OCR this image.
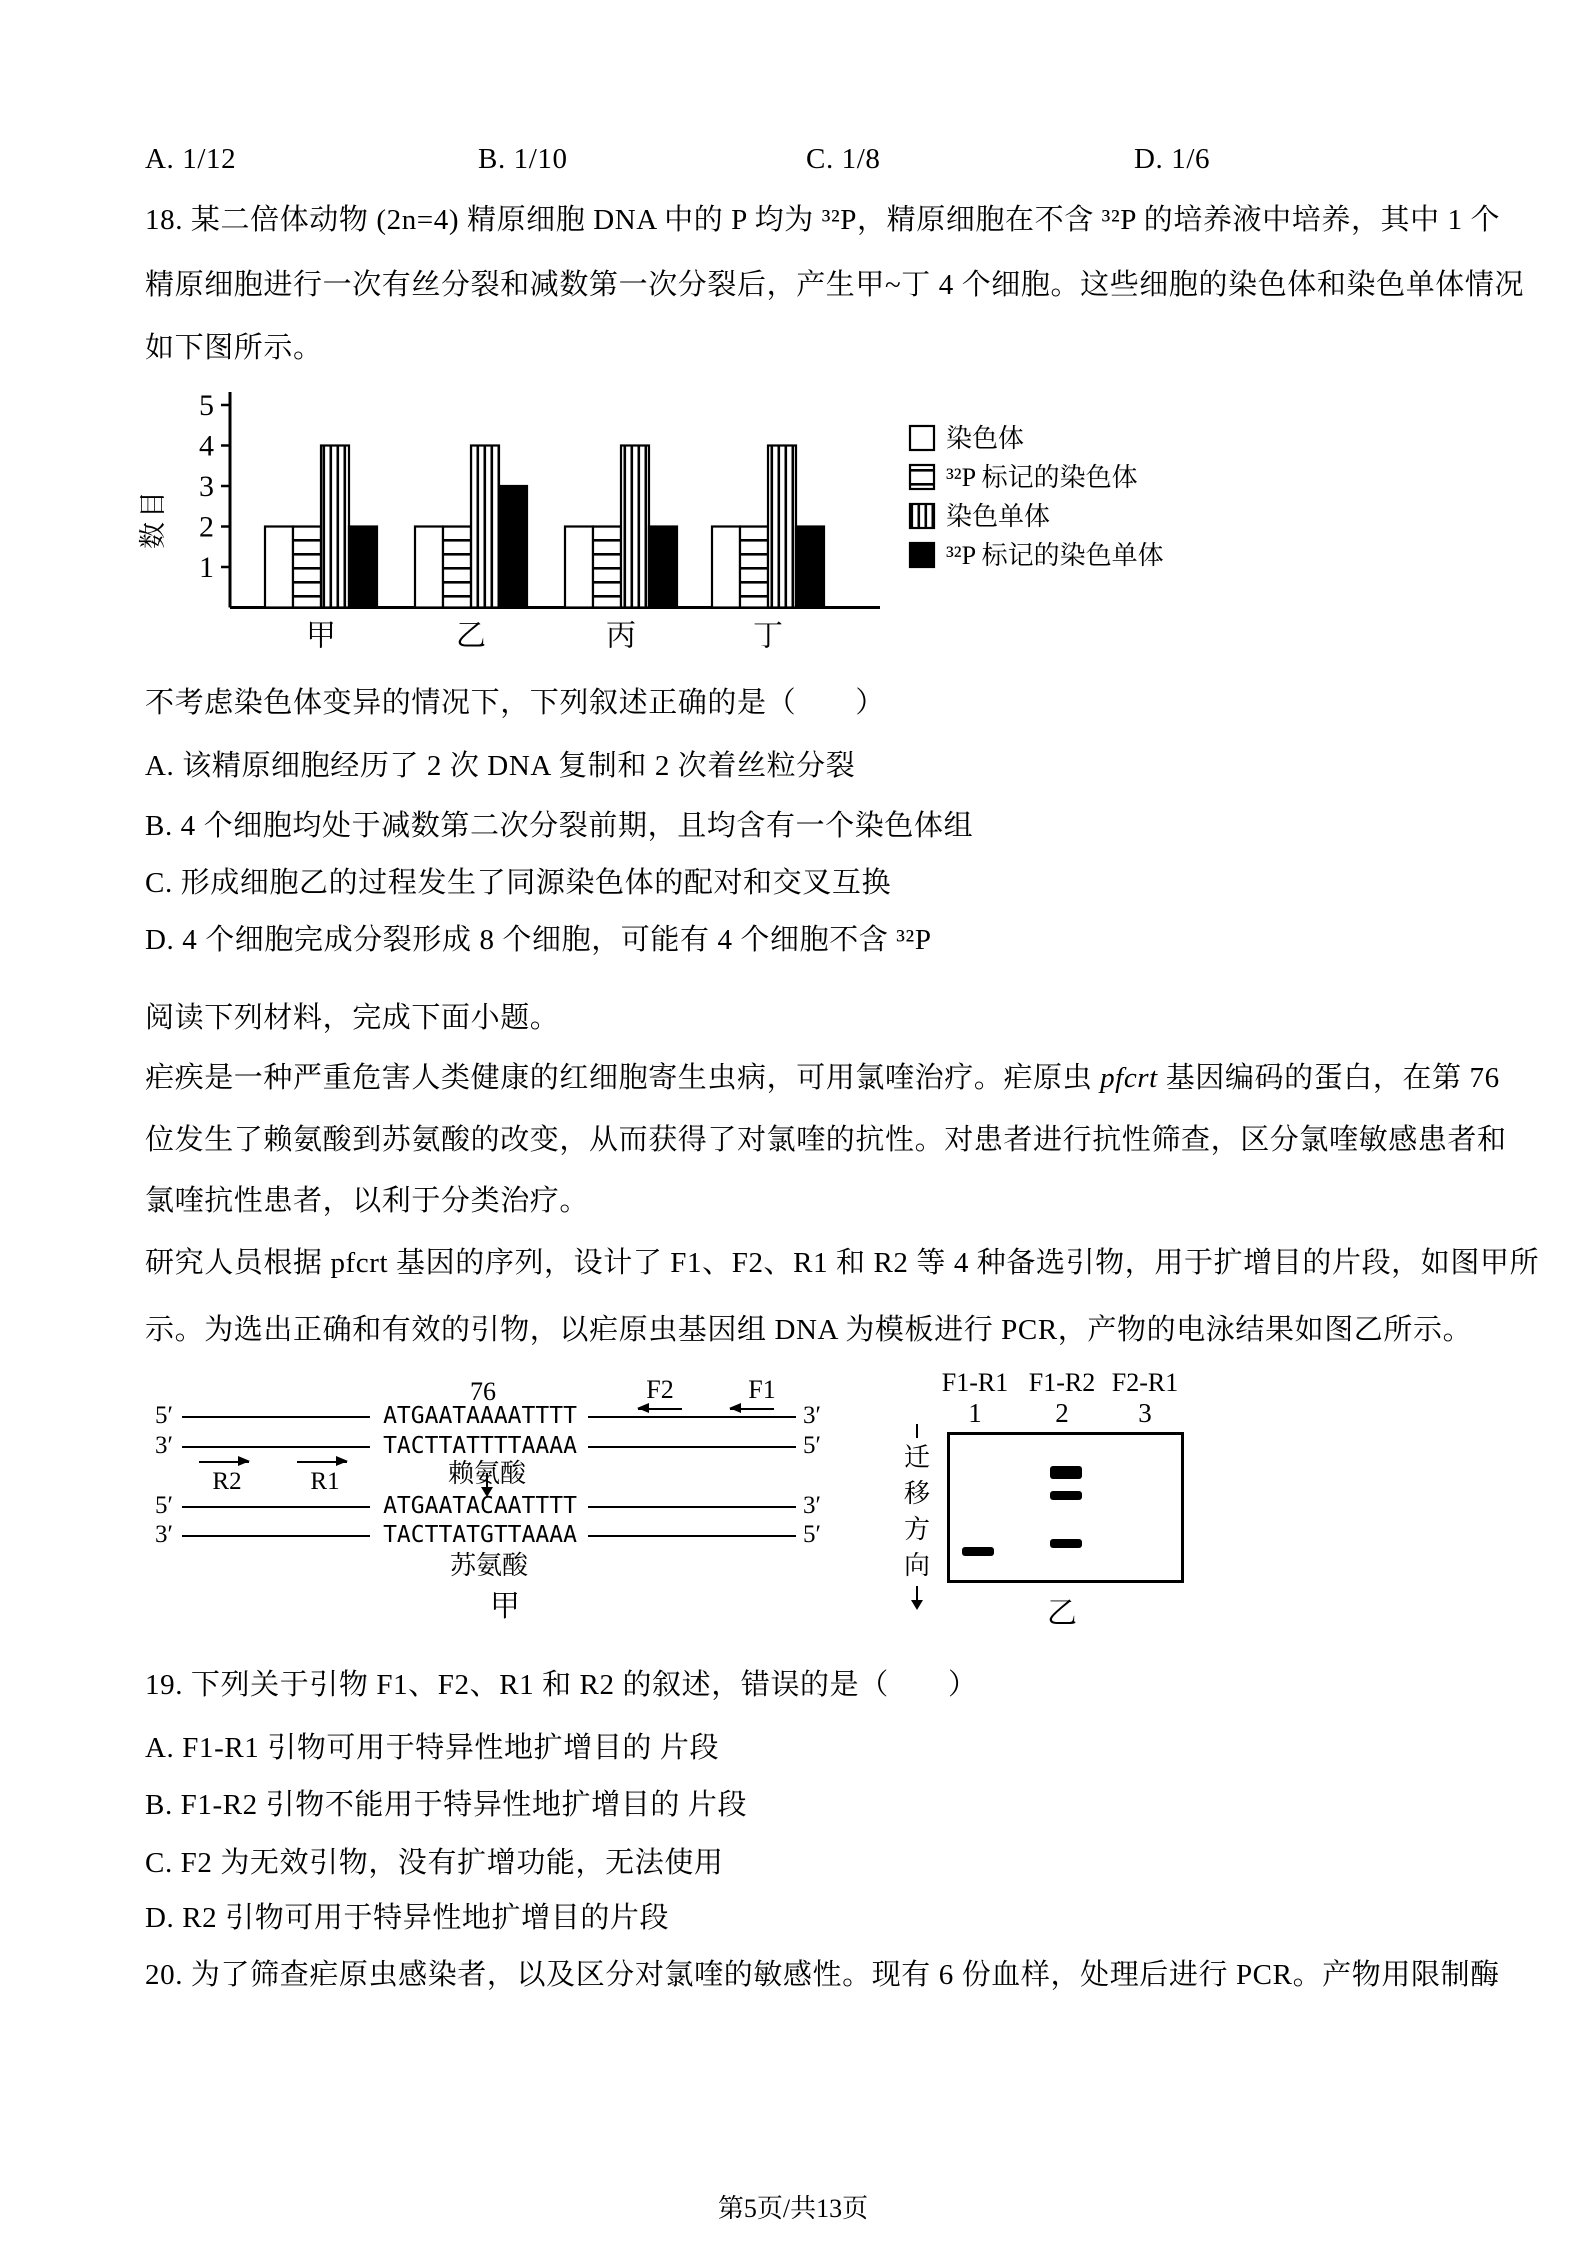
A. 1/12	B. 1/10	C. 1/8	D. 1/6
18. 某二倍体动物 (2n=4) 精原细胞 DNA 中的 P 均为 ³²P，精原细胞在不含 ³²P 的培养液中培养，其中 1 个
精原细胞进行一次有丝分裂和减数第一次分裂后，产生甲~丁 4 个细胞。这些细胞的染色体和染色单体情况
如下图所示。
1
2
3
4
5
数目
甲	乙	丙	丁
染色体
³²P 标记的染色体
染色单体
³²P 标记的染色单体
不考虑染色体变异的情况下，下列叙述正确的是（　　）
A. 该精原细胞经历了 2 次 DNA 复制和 2 次着丝粒分裂
B. 4 个细胞均处于减数第二次分裂前期，且均含有一个染色体组
C. 形成细胞乙的过程发生了同源染色体的配对和交叉互换
D. 4 个细胞完成分裂形成 8 个细胞，可能有 4 个细胞不含 ³²P
阅读下列材料，完成下面小题。
疟疾是一种严重危害人类健康的红细胞寄生虫病，可用氯喹治疗。疟原虫 pfcrt 基因编码的蛋白，在第 76
位发生了赖氨酸到苏氨酸的改变，从而获得了对氯喹的抗性。对患者进行抗性筛查，区分氯喹敏感患者和
氯喹抗性患者，以利于分类治疗。
研究人员根据 pfcrt 基因的序列，设计了 F1、F2、R1 和 R2 等 4 种备选引物，用于扩增目的片段，如图甲所
示。为选出正确和有效的引物，以疟原虫基因组 DNA 为模板进行 PCR，产物的电泳结果如图乙所示。
76	F2	F1
5′	ATGAATAAAATTTT	3′
3′	TACTTATTTTAAAA	5′
R2	R1	赖氨酸
5′	ATGAATACAATTTT	3′
3′	TACTTATGTTAAAA	5′
苏氨酸
甲
F1-R1 F1-R2 F2-R1
1	2	3
迁移方向
乙
19. 下列关于引物 F1、F2、R1 和 R2 的叙述，错误的是（　　）
A. F1-R1 引物可用于特异性地扩增目的 片段
B. F1-R2 引物不能用于特异性地扩增目的 片段
C. F2 为无效引物，没有扩增功能，无法使用
D. R2 引物可用于特异性地扩增目的片段
20. 为了筛查疟原虫感染者，以及区分对氯喹的敏感性。现有 6 份血样，处理后进行 PCR。产物用限制酶
第5页/共13页
